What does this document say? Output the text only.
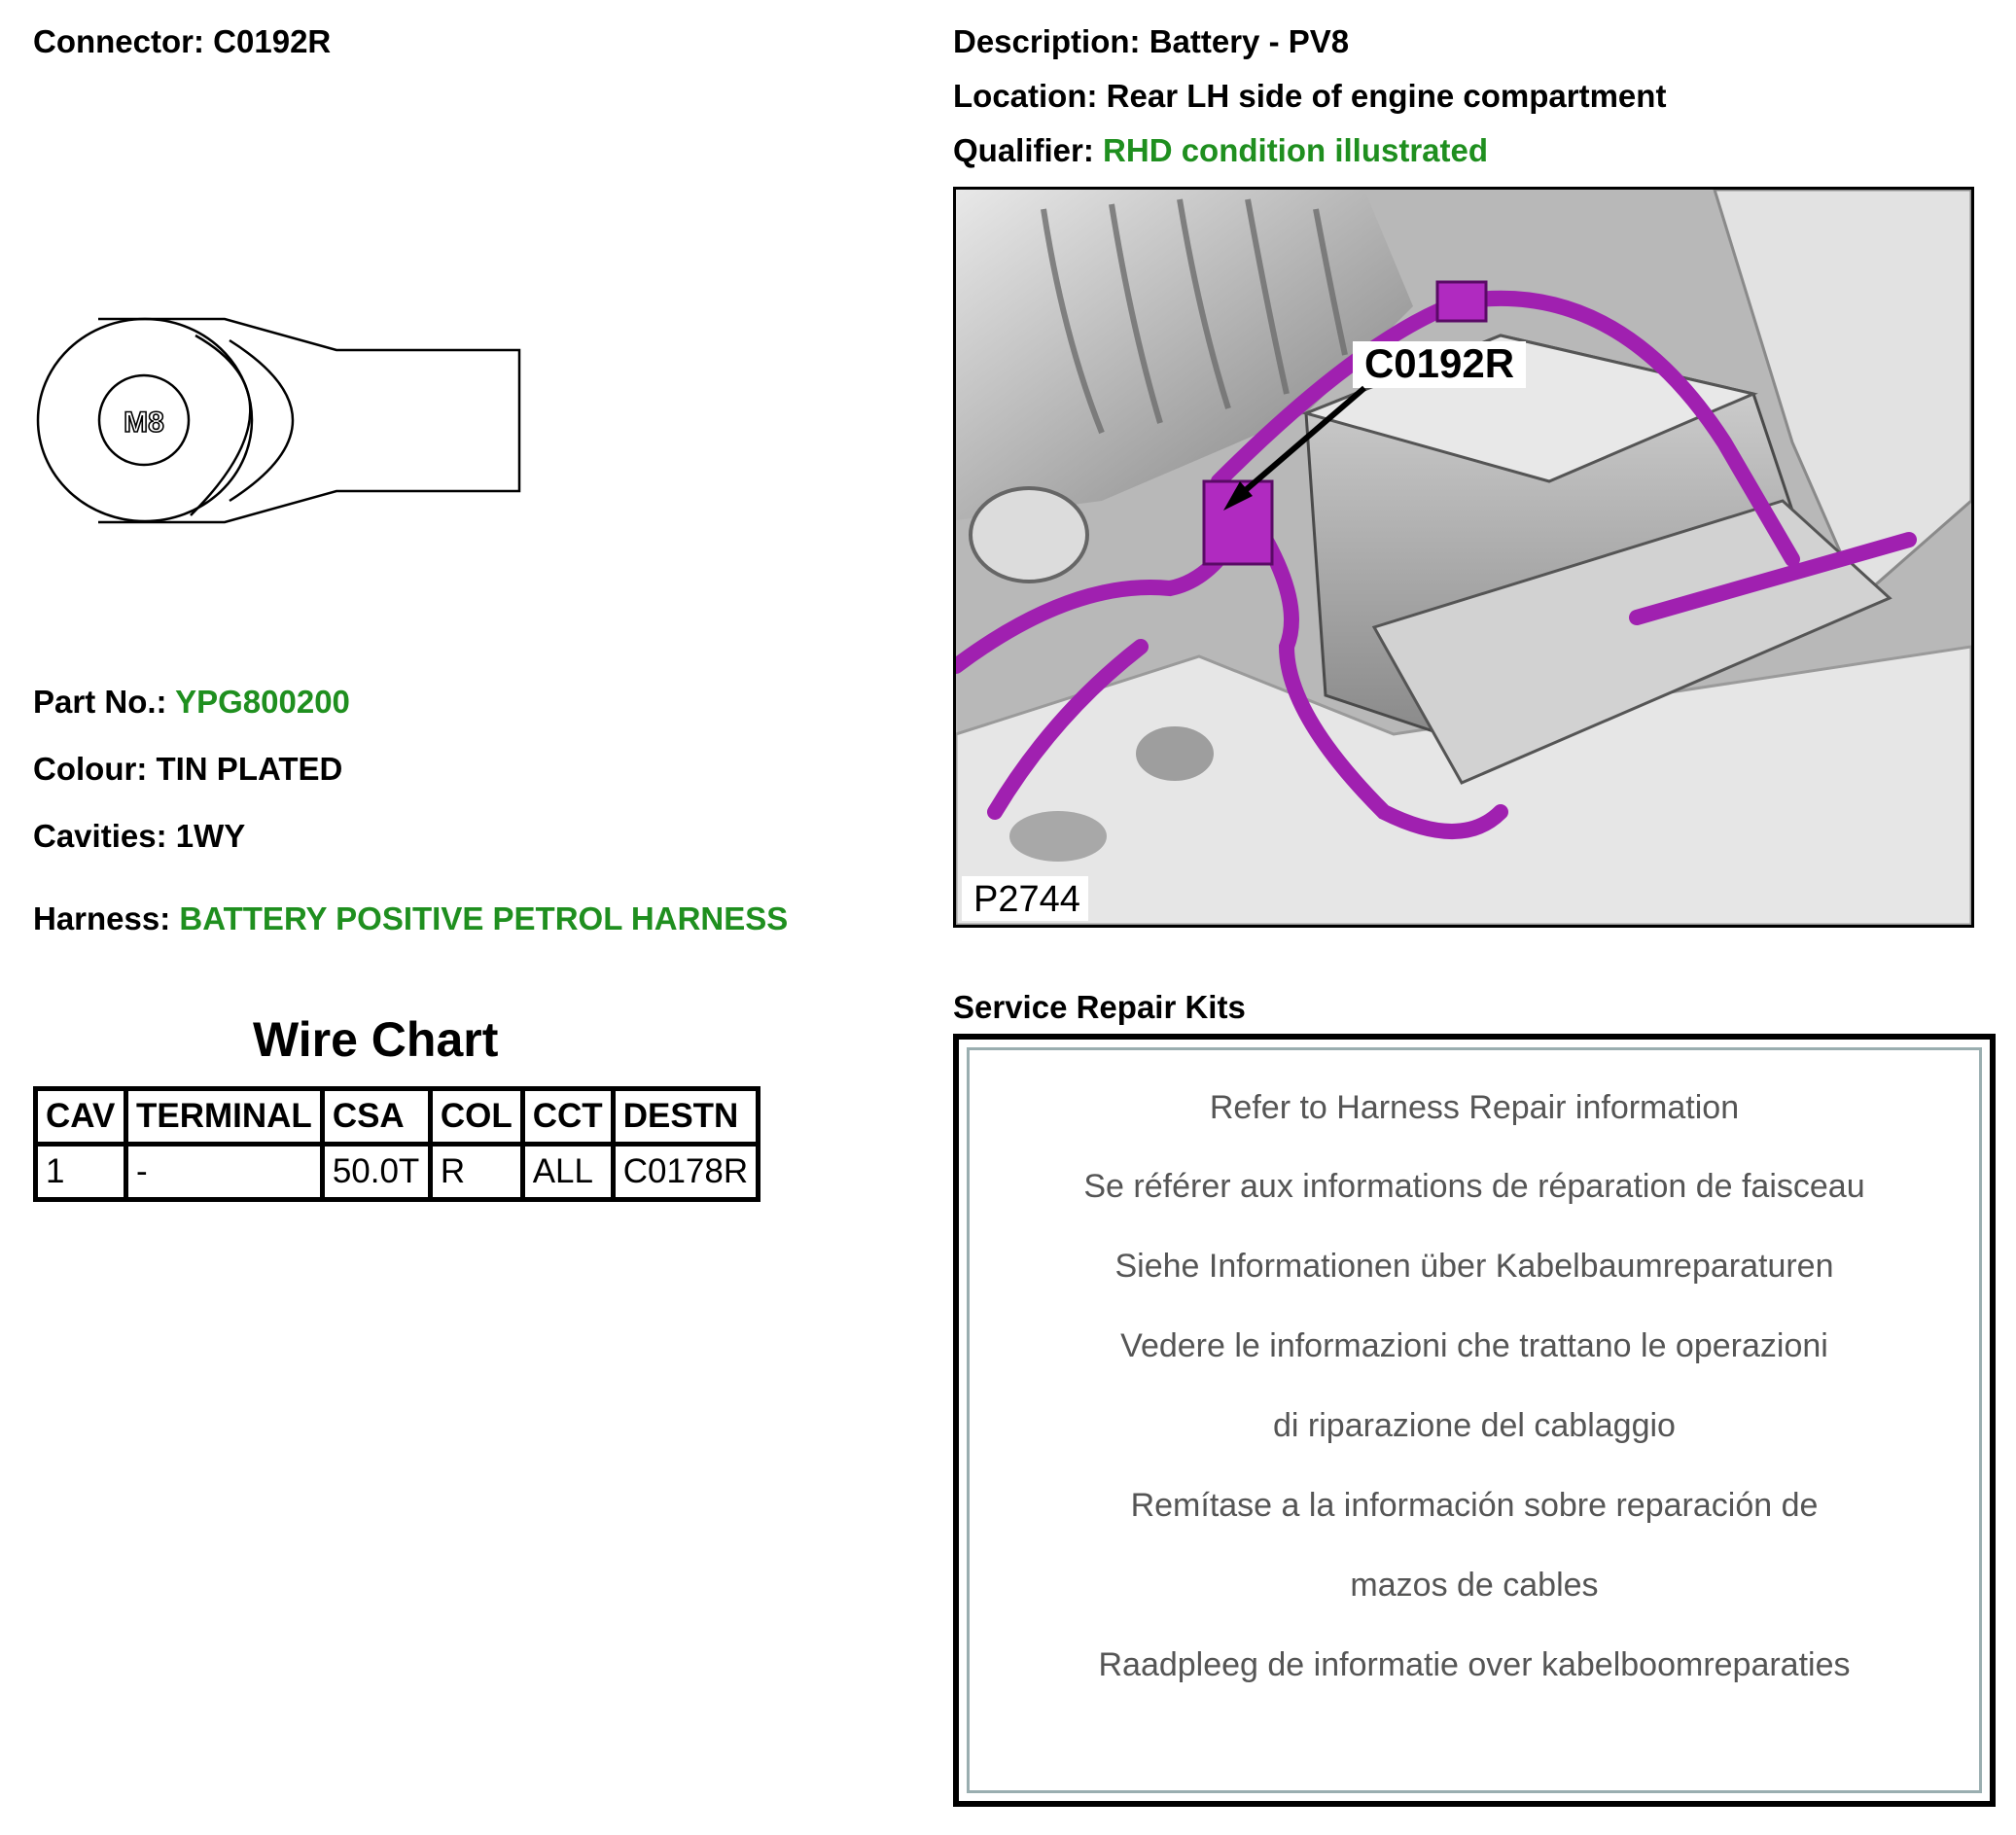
Connector: C0192R
M8
Part No.: YPG800200
Colour: TIN PLATED
Cavities: 1WY
Harness: BATTERY POSITIVE PETROL HARNESS
Wire Chart
CAV	TERMINAL	CSA	COL	CCT	DESTN
1	-	50.0T	R	ALL	C0178R
Description: Battery - PV8
Location: Rear LH side of engine compartment
Qualifier: RHD condition illustrated
C0192R
P2744
Service Repair Kits
Refer to Harness Repair information
Se référer aux informations de réparation de faisceau
Siehe Informationen über Kabelbaumreparaturen
Vedere le informazioni che trattano le operazioni
di riparazione del cablaggio
Remítase a la información sobre reparación de
mazos de cables
Raadpleeg de informatie over kabelboomreparaties
